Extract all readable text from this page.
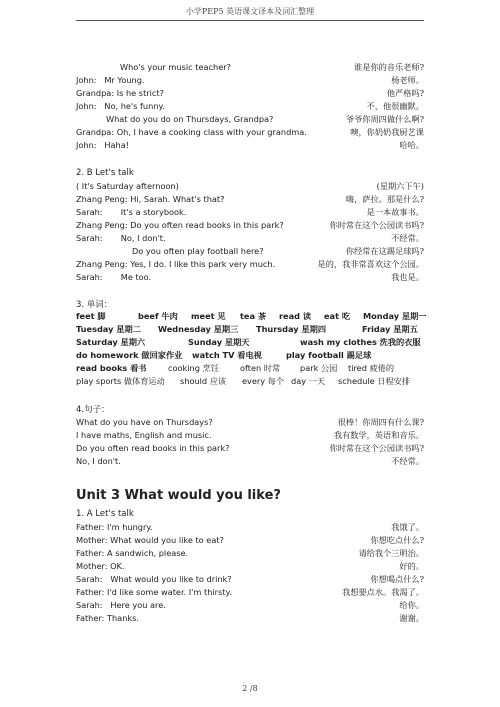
小学PEP5 英语课文译本及词汇整理
Who's your music teacher?	谁是你的音乐老师?
John:   Mr Young.	杨老师。
Grandpa: Is he strict?	他严格吗?
John:   No, he's funny.	不，他很幽默。
What do you do on Thursdays, Grandpa?	爷爷你周四做什么啊?
Grandpa: Oh, I have a cooking class with your grandma.	噢，你奶奶我厨艺课
John:   Haha!	哈哈。
2. B Let's talk
( It's Saturday afternoon)	(星期六下午)
Zhang Peng: Hi, Sarah. What's that?	嗨，萨拉。那是什么?
Sarah:       It's a storybook.	是一本故事书。
Zhang Peng: Do you often read books in this park?	你时常在这个公园读书吗?
Sarah:       No, I don't.	不经常。
Do you often play football here?	你经常在这踢足球吗?
Zhang Peng: Yes, I do. I like this park very much.	是的，我非常喜欢这个公园。
Sarah:       Me too.	我也是。
3. 单词：
feet 脚	beef 牛肉 meet 见 tea 茶 read 读 eat 吃 Monday 星期一
Tuesday 星期二 Wednesday 星期三 Thursday 星期四	Friday 星期五
Saturday 星期六	Sunday 星期天	wash my clothes 洗我的衣服
do homework 做回家作业 watch TV 看电视	play football 踢足球
read books 看书	cooking 烹饪	often 时常 park 公园 tired 疲倦的
play sports 做体育运动 should 应该 every 每个 day 一天 schedule 日程安排
4.句子：
What do you have on Thursdays?	很棒！你周四有什么课?
I have maths, English and music.	我有数学，英语和音乐。
Do you often read books in this park?	你时常在这个公园读书吗?
No, I don't.	不经常。
Unit 3 What would you like?
1. A Let's talk
Father: I'm hungry.	我饿了。
Mother: What would you like to eat?	你想吃点什么?
Father: A sandwich, please.	请给我个三明治。
Mother: OK.	好的。
Sarah:   What would you like to drink?	你想喝点什么?
Father: I'd like some water. I'm thirsty.	我想要点水。我渴了。
Sarah:   Here you are.	给你。
Father: Thanks.	谢谢。
2 /8
